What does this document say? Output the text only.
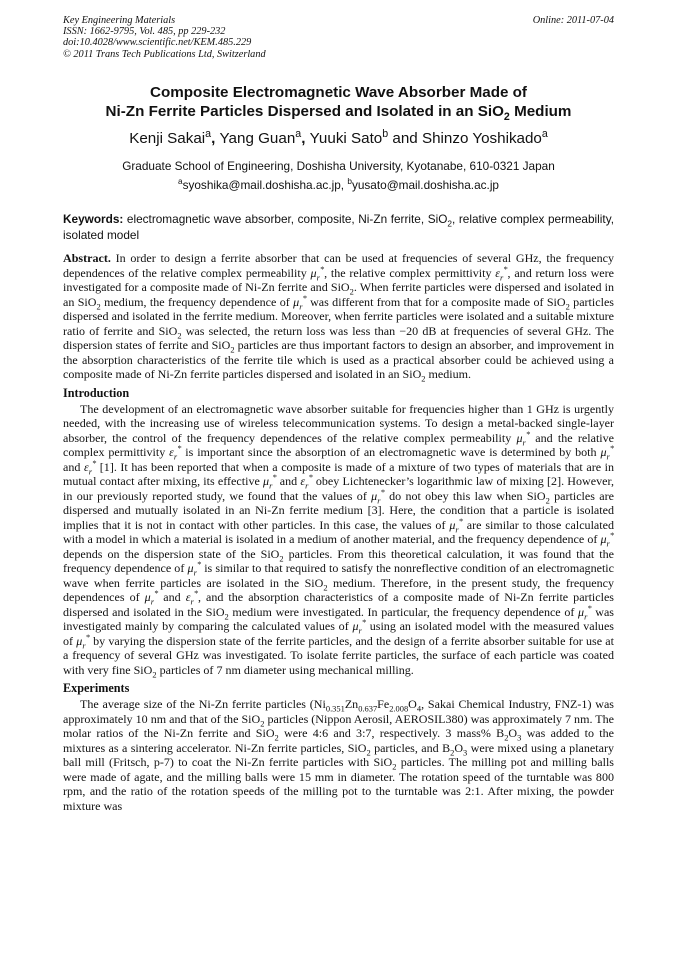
Key Engineering Materials
ISSN: 1662-9795, Vol. 485, pp 229-232
doi:10.4028/www.scientific.net/KEM.485.229
© 2011 Trans Tech Publications Ltd, Switzerland
Online: 2011-07-04
Composite Electromagnetic Wave Absorber Made of
Ni-Zn Ferrite Particles Dispersed and Isolated in an SiO$_2$ Medium
Kenji Sakai$^a$, Yang Guan$^a$, Yuuki Sato$^b$ and Shinzo Yoshikado$^a$
Graduate School of Engineering, Doshisha University, Kyotanabe, 610-0321 Japan
$^a$syoshika@mail.doshisha.ac.jp, $^b$yusato@mail.doshisha.ac.jp
Keywords: electromagnetic wave absorber, composite, Ni-Zn ferrite, SiO$_2$, relative complex permeability, isolated model

Abstract. In order to design a ferrite absorber that can be used at frequencies of several GHz, the frequency dependences of the relative complex permeability $\mu_r^*$, the relative complex permittivity $\varepsilon_r^*$, and return loss were investigated for a composite made of Ni-Zn ferrite and SiO$_2$. When ferrite particles were dispersed and isolated in an SiO$_2$ medium, the frequency dependence of $\mu_r^*$ was different from that for a composite made of SiO$_2$ particles dispersed and isolated in the ferrite medium. Moreover, when ferrite particles were isolated and a suitable mixture ratio of ferrite and SiO$_2$ was selected, the return loss was less than −20 dB at frequencies of several GHz. The dispersion states of ferrite and SiO$_2$ particles are thus important factors to design an absorber, and improvement in the absorption characteristics of the ferrite tile which is used as a practical absorber could be achieved using a composite made of Ni-Zn ferrite particles dispersed and isolated in an SiO$_2$ medium.

Introduction

The development of an electromagnetic wave absorber suitable for frequencies higher than 1 GHz is urgently needed, with the increasing use of wireless telecommunication systems. To design a metal-backed single-layer absorber, the control of the frequency dependences of the relative complex permeability $\mu_r^*$ and the relative complex permittivity $\varepsilon_r^*$ is important since the absorption of an electromagnetic wave is determined by both $\mu_r^*$ and $\varepsilon_r^*$ [1]. It has been reported that when a composite is made of a mixture of two types of materials that are in mutual contact after mixing, its effective $\mu_r^*$ and $\varepsilon_r^*$ obey Lichtenecker’s logarithmic law of mixing [2]. However, in our previously reported study, we found that the values of $\mu_r^*$ do not obey this law when SiO$_2$ particles are dispersed and mutually isolated in an Ni-Zn ferrite medium [3]. Here, the condition that a particle is isolated implies that it is not in contact with other particles. In this case, the values of $\mu_r^*$ are similar to those calculated with a model in which a material is isolated in a medium of another material, and the frequency dependence of $\mu_r^*$ depends on the dispersion state of the SiO$_2$ particles. From this theoretical calculation, it was found that the frequency dependence of $\mu_r^*$ is similar to that required to satisfy the nonreflective condition of an electromagnetic wave when ferrite particles are isolated in the SiO$_2$ medium. Therefore, in the present study, the frequency dependences of $\mu_r^*$ and $\varepsilon_r^*$, and the absorption characteristics of a composite made of Ni-Zn ferrite particles dispersed and isolated in the SiO$_2$ medium were investigated. In particular, the frequency dependence of $\mu_r^*$ was investigated mainly by comparing the calculated values of $\mu_r^*$ using an isolated model with the measured values of $\mu_r^*$ by varying the dispersion state of the ferrite particles, and the design of a ferrite absorber suitable for use at a frequency of several GHz was investigated. To isolate ferrite particles, the surface of each particle was coated with very fine SiO$_2$ particles of 7 nm diameter using mechanical milling.

Experiments

The average size of the Ni-Zn ferrite particles ($Ni_{0.351}Zn_{0.637}Fe_{2.008}O_4$, Sakai Chemical Industry, FNZ-1) was approximately 10 nm and that of the SiO$_2$ particles (Nippon Aerosil, AEROSIL380) was approximately 7 nm. The molar ratios of the Ni-Zn ferrite and SiO$_2$ were 4:6 and 3:7, respectively. 3 mass% $B_2O_3$ was added to the mixtures as a sintering accelerator. Ni-Zn ferrite particles, SiO$_2$ particles, and $B_2O_3$ were mixed using a planetary ball mill (Fritsch, p-7) to coat the Ni-Zn ferrite particles with SiO$_2$ particles. The milling pot and milling balls were made of agate, and the milling balls were 15 mm in diameter. The rotation speed of the turntable was 800 rpm, and the ratio of the rotation speeds of the milling pot to the turntable was 2:1. After mixing, the powder mixture was
